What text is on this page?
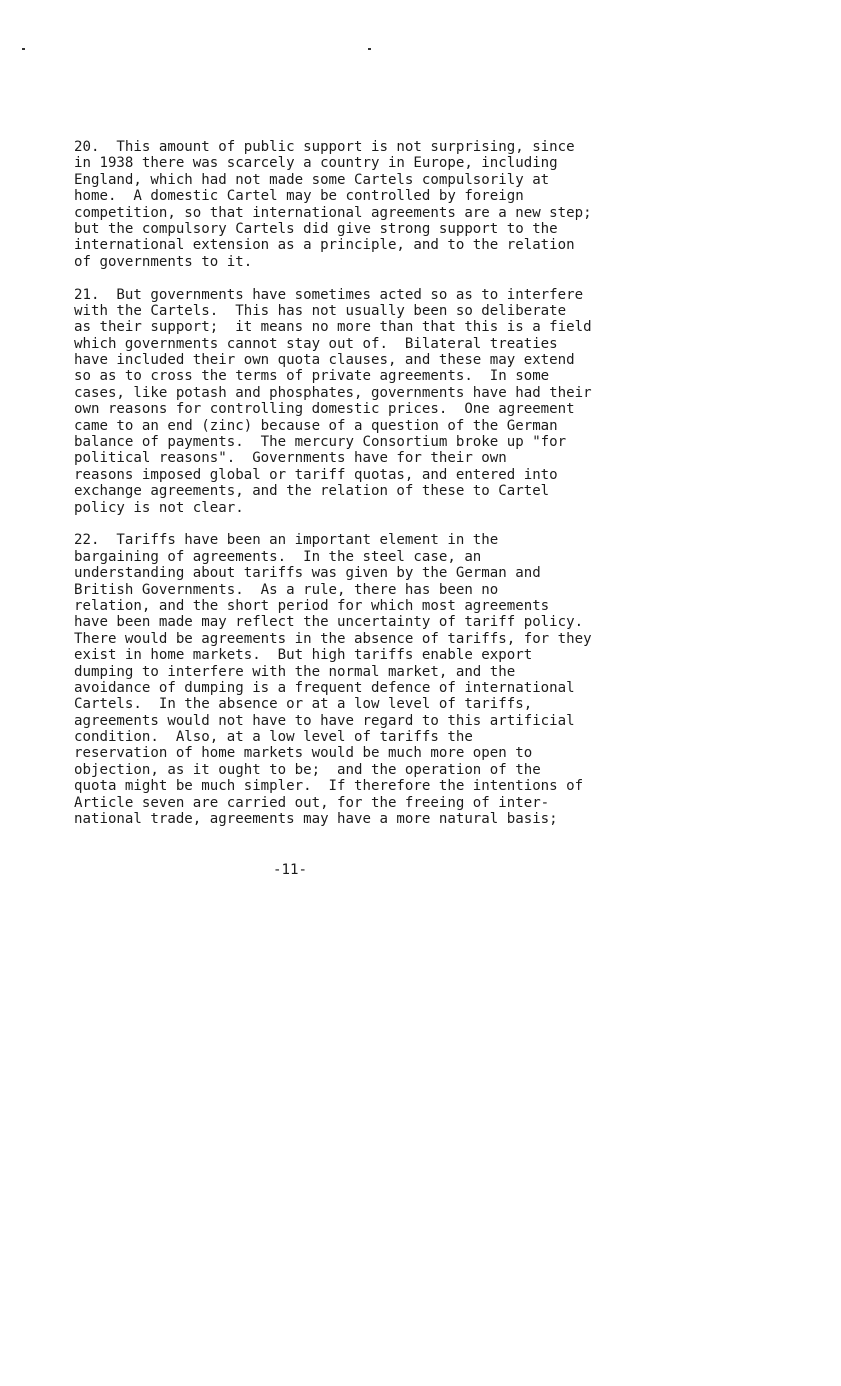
20.  This amount of public support is not surprising, since
in 1938 there was scarcely a country in Europe, including
England, which had not made some Cartels compulsorily at
home.  A domestic Cartel may be controlled by foreign
competition, so that international agreements are a new step;
but the compulsory Cartels did give strong support to the
international extension as a principle, and to the relation
of governments to it.
21.  But governments have sometimes acted so as to interfere
with the Cartels.  This has not usually been so deliberate
as their support;  it means no more than that this is a field
which governments cannot stay out of.  Bilateral treaties
have included their own quota clauses, and these may extend
so as to cross the terms of private agreements.  In some
cases, like potash and phosphates, governments have had their
own reasons for controlling domestic prices.  One agreement
came to an end (zinc) because of a question of the German
balance of payments.  The mercury Consortium broke up "for
political reasons".  Governments have for their own
reasons imposed global or tariff quotas, and entered into
exchange agreements, and the relation of these to Cartel
policy is not clear.
22.  Tariffs have been an important element in the
bargaining of agreements.  In the steel case, an
understanding about tariffs was given by the German and
British Governments.  As a rule, there has been no
relation, and the short period for which most agreements
have been made may reflect the uncertainty of tariff policy.
There would be agreements in the absence of tariffs, for they
exist in home markets.  But high tariffs enable export
dumping to interfere with the normal market, and the
avoidance of dumping is a frequent defence of international
Cartels.  In the absence or at a low level of tariffs,
agreements would not have to have regard to this artificial
condition.  Also, at a low level of tariffs the
reservation of home markets would be much more open to
objection, as it ought to be;  and the operation of the
quota might be much simpler.  If therefore the intentions of
Article seven are carried out, for the freeing of inter-
national trade, agreements may have a more natural basis;
-11-
